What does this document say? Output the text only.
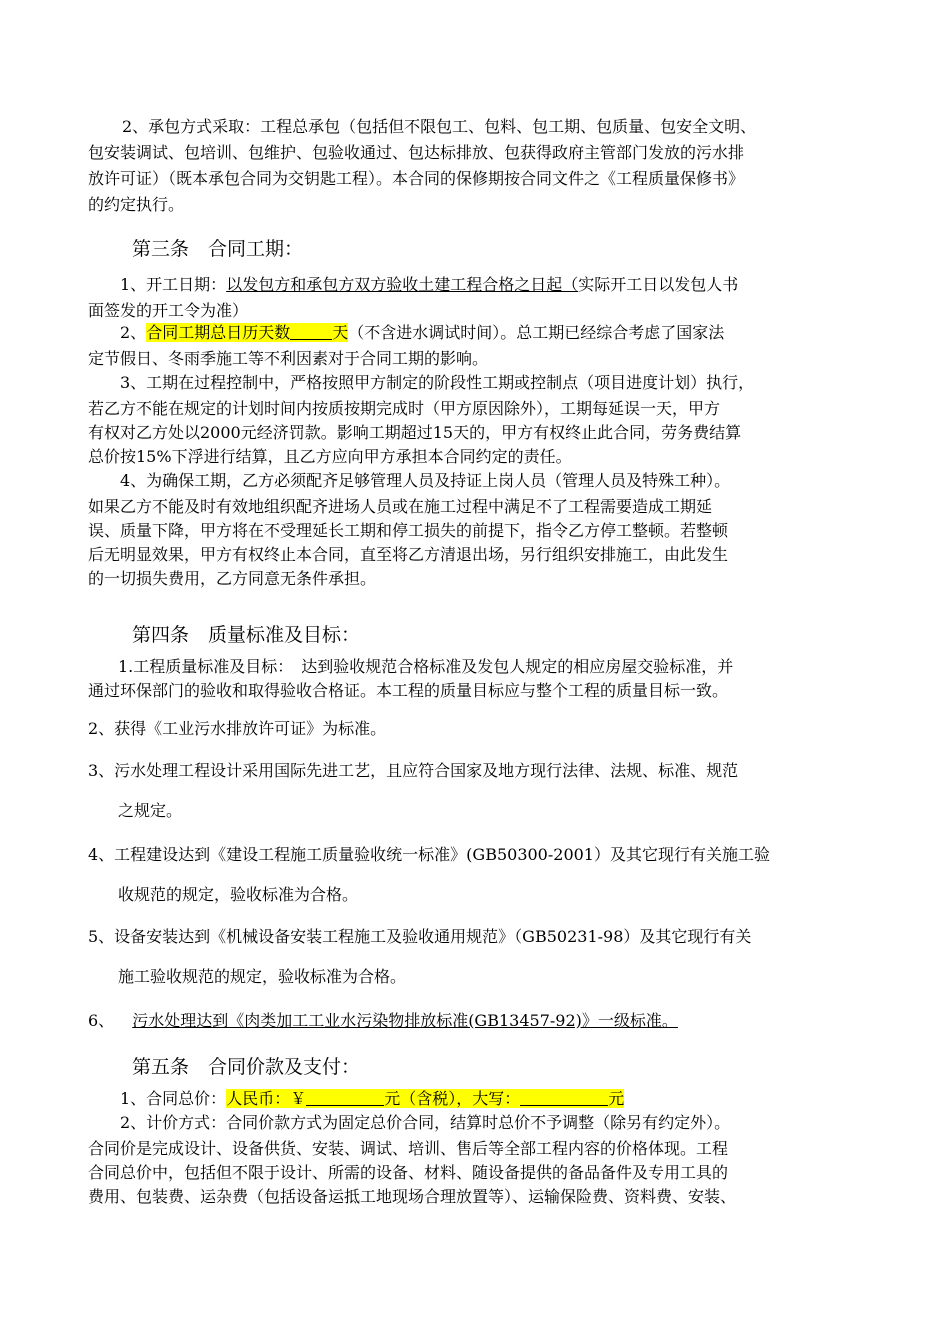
2、承包方式采取：工程总承包（包括但不限包工、包料、包工期、包质量、包安全文明、
包安装调试、包培训、包维护、包验收通过、包达标排放、包获得政府主管部门发放的污水排
放许可证）（既本承包合同为交钥匙工程）。本合同的保修期按合同文件之《工程质量保修书》
的约定执行。
第三条　合同工期：
1、开工日期：以发包方和承包方双方验收土建工程合格之日起（实际开工日以发包人书
面签发的开工令为准）
2、合同工期总日历天数	天（不含进水调试时间）。总工期已经综合考虑了国家法
定节假日、冬雨季施工等不利因素对于合同工期的影响。
3、工期在过程控制中，严格按照甲方制定的阶段性工期或控制点（项目进度计划）执行，
若乙方不能在规定的计划时间内按质按期完成时（甲方原因除外），工期每延误一天，甲方
有权对乙方处以2000元经济罚款。影响工期超过15天的，甲方有权终止此合同，劳务费结算
总价按15%下浮进行结算，且乙方应向甲方承担本合同约定的责任。
4、为确保工期，乙方必须配齐足够管理人员及持证上岗人员（管理人员及特殊工种）。
如果乙方不能及时有效地组织配齐进场人员或在施工过程中满足不了工程需要造成工期延
误、质量下降，甲方将在不受理延长工期和停工损失的前提下，指令乙方停工整顿。若整顿
后无明显效果，甲方有权终止本合同，直至将乙方清退出场，另行组织安排施工，由此发生
的一切损失费用，乙方同意无条件承担。
第四条　质量标准及目标：
1.工程质量标准及目标：　达到验收规范合格标准及发包人规定的相应房屋交验标准，并
通过环保部门的验收和取得验收合格证。本工程的质量目标应与整个工程的质量目标一致。
2、获得《工业污水排放许可证》为标准。
3、污水处理工程设计采用国际先进工艺，且应符合国家及地方现行法律、法规、标准、规范
之规定。
4、工程建设达到《建设工程施工质量验收统一标准》(GB50300-2001）及其它现行有关施工验
收规范的规定，验收标准为合格。
5、设备安装达到《机械设备安装工程施工及验收通用规范》（GB50231-98）及其它现行有关
施工验收规范的规定，验收标准为合格。
6、 污水处理达到《肉类加工工业水污染物排放标准(GB13457-92)》一级标准。
第五条　合同价款及支付：
1、合同总价：人民币：￥	元（含税），大写：	元
2、计价方式：合同价款方式为固定总价合同，结算时总价不予调整（除另有约定外）。
合同价是完成设计、设备供货、安装、调试、培训、售后等全部工程内容的价格体现。工程
合同总价中，包括但不限于设计、所需的设备、材料、随设备提供的备品备件及专用工具的
费用、包装费、运杂费（包括设备运抵工地现场合理放置等）、运输保险费、资料费、安装、
